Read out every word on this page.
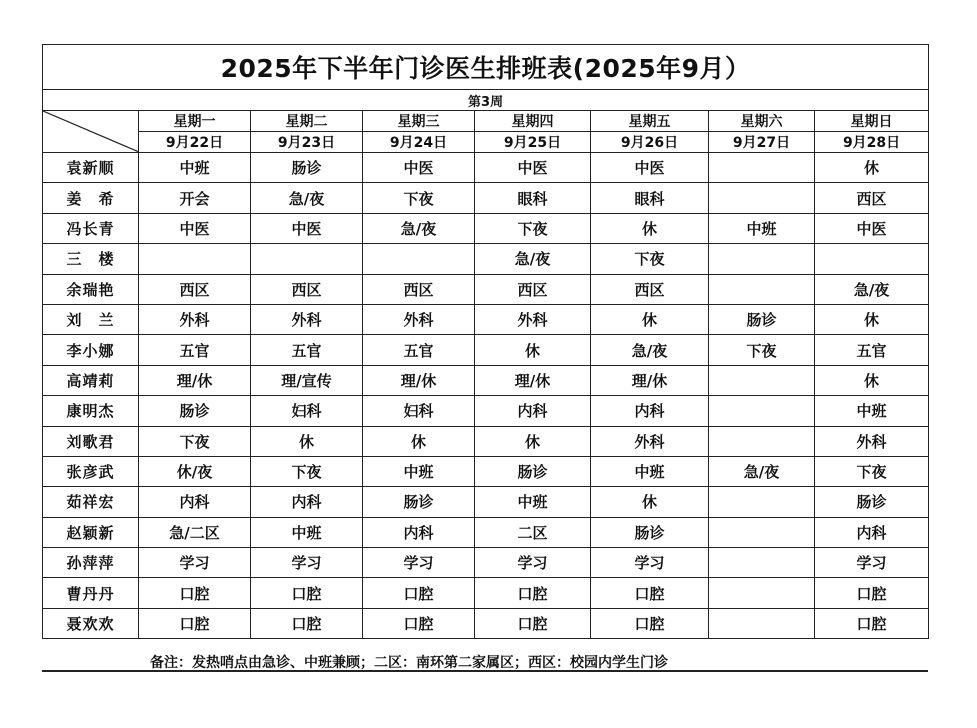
2025年下半年门诊医生排班表(2025年9月）							
第3周							

	星期一	星期二	星期三	星期四	星期五	星期六	星期日
	9月22日	9月23日	9月24日	9月25日	9月26日	9月27日	9月28日
袁新顺	中班	肠诊	中医	中医	中医		休
姜　希	开会	急/夜	下夜	眼科	眼科		西区
冯长青	中医	中医	急/夜	下夜	休	中班	中医
三　楼				急/夜	下夜		
余瑞艳	西区	西区	西区	西区	西区		急/夜
刘　兰	外科	外科	外科	外科	休	肠诊	休
李小娜	五官	五官	五官	休	急/夜	下夜	五官
高靖莉	理/休	理/宣传	理/休	理/休	理/休		休
康明杰	肠诊	妇科	妇科	内科	内科		中班
刘歌君	下夜	休	休	休	外科		外科
张彦武	休/夜	下夜	中班	肠诊	中班	急/夜	下夜
茹祥宏	内科	内科	肠诊	中班	休		肠诊
赵颖新	急/二区	中班	内科	二区	肠诊		内科
孙萍萍	学习	学习	学习	学习	学习		学习
曹丹丹	口腔	口腔	口腔	口腔	口腔		口腔
聂欢欢	口腔	口腔	口腔	口腔	口腔		口腔
备注：发热哨点由急诊、中班兼顾；二区：南环第二家属区；西区：校园内学生门诊
